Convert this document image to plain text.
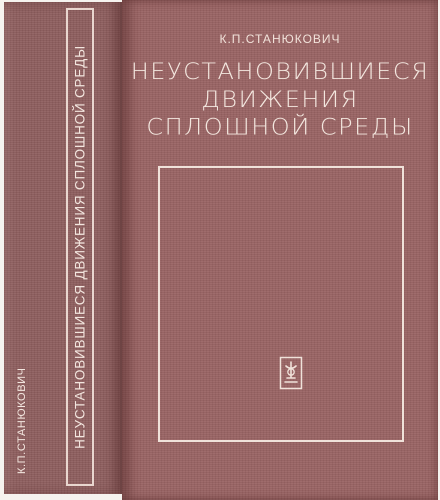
НЕУСТАНОВИВШИЕСЯ ДВИЖЕНИЯ СПЛОШНОЙ СРЕДЫ
К.П.СТАНЮКОВИЧ
К.П.СТАНЮКОВИЧ
НЕУСТАНОВИВШИЕСЯ
ДВИЖЕНИЯ
СПЛОШНОЙ СРЕДЫ
